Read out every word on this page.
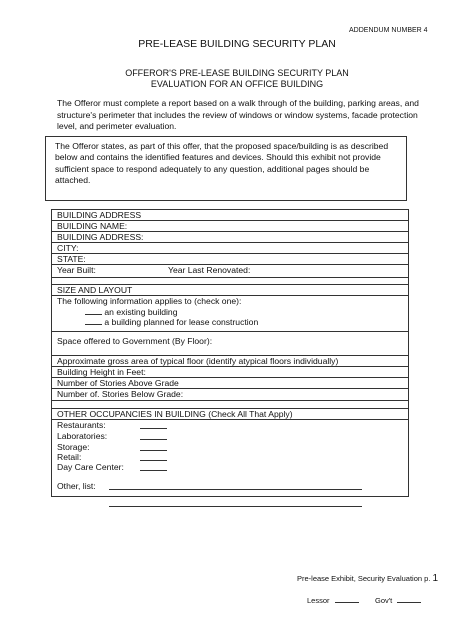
ADDENDUM NUMBER 4
PRE-LEASE BUILDING SECURITY PLAN
OFFEROR'S PRE-LEASE BUILDING SECURITY PLAN
EVALUATION FOR AN OFFICE BUILDING
The Offeror must complete a report based on a walk through of the building, parking areas, and
structure's perimeter that includes the review of windows or window systems, facade protection
level, and perimeter evaluation.
The Offeror states, as part of this offer, that the proposed space/building is as described
below and contains the identified features and devices. Should this exhibit not provide
sufficient space to respond adequately to any question, additional pages should be
attached.
BUILDING ADDRESS
BUILDING NAME:
BUILDING ADDRESS:
CITY:
STATE:
Year Built:	Year Last Renovated:
SIZE AND LAYOUT
The following information applies to (check one):
an existing building
a building planned for lease construction
Space offered to Government (By Floor):
Approximate gross area of typical floor (identify atypical floors individually)
Building Height in Feet:
Number of Stories Above Grade
Number of. Stories Below Grade:
OTHER OCCUPANCIES IN BUILDING (Check All That Apply)
Restaurants:
Laboratories:
Storage:
Retail:
Day Care Center:
Other, list:
Pre-lease Exhibit, Security Evaluation p. 1
Lessor	Gov't
